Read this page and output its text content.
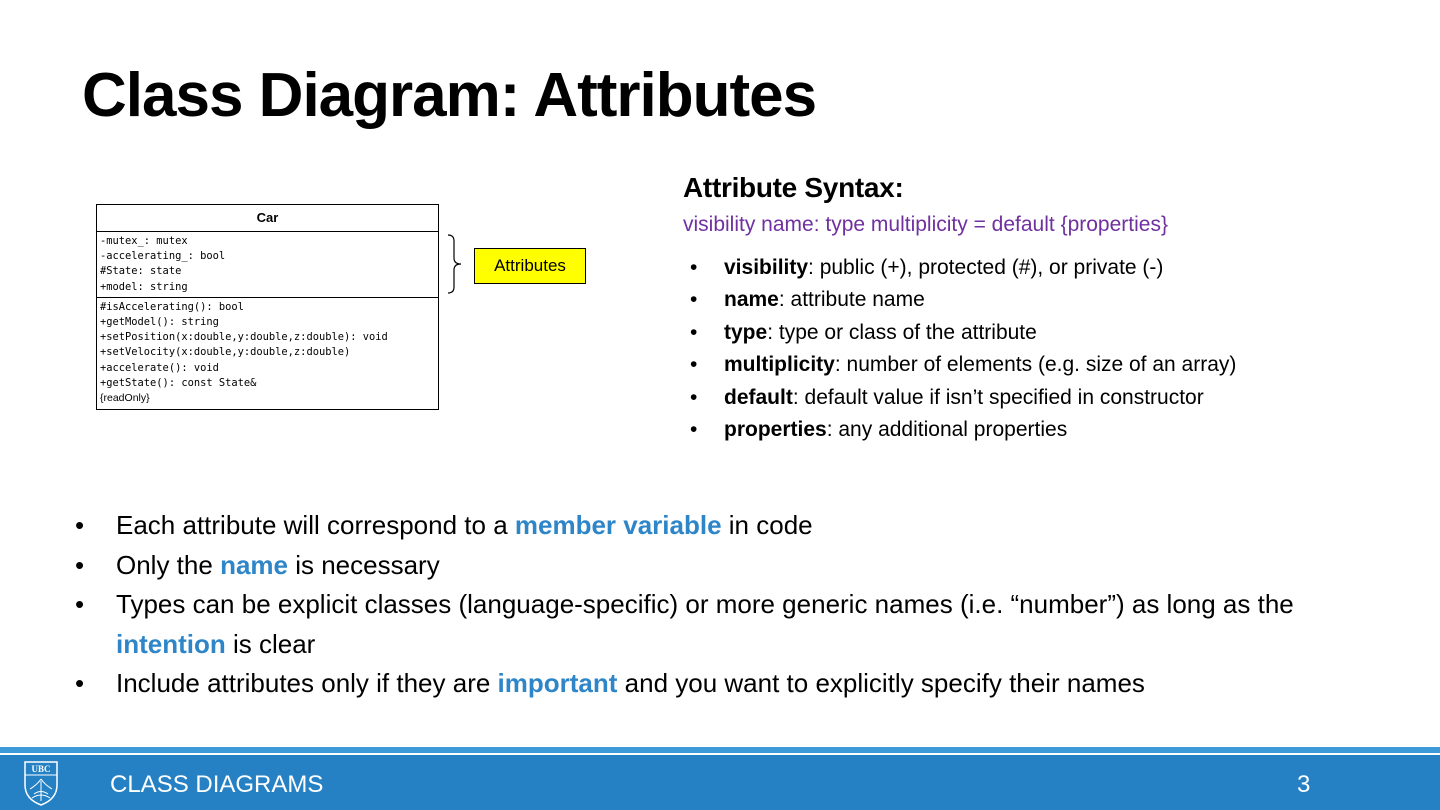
Class Diagram: Attributes
Car
-mutex_: mutex
-accelerating_: bool
#State: state
+model: string
#isAccelerating(): bool
+getModel(): string
+setPosition(x:double,y:double,z:double): void
+setVelocity(x:double,y:double,z:double)
+accelerate(): void
+getState(): const State&
{readOnly}
Attributes
Attribute Syntax:
visibility name: type multiplicity = default {properties}
• visibility: public (+), protected (#), or private (-)
• name: attribute name
• type: type or class of the attribute
• multiplicity: number of elements (e.g. size of an array)
• default: default value if isn’t specified in constructor
• properties: any additional properties
• Each attribute will correspond to a member variable in code
• Only the name is necessary
• Types can be explicit classes (language-specific) or more generic names (i.e. “number”) as long as the intention is clear
• Include attributes only if they are important and you want to explicitly specify their names
UBC
CLASS DIAGRAMS	3
